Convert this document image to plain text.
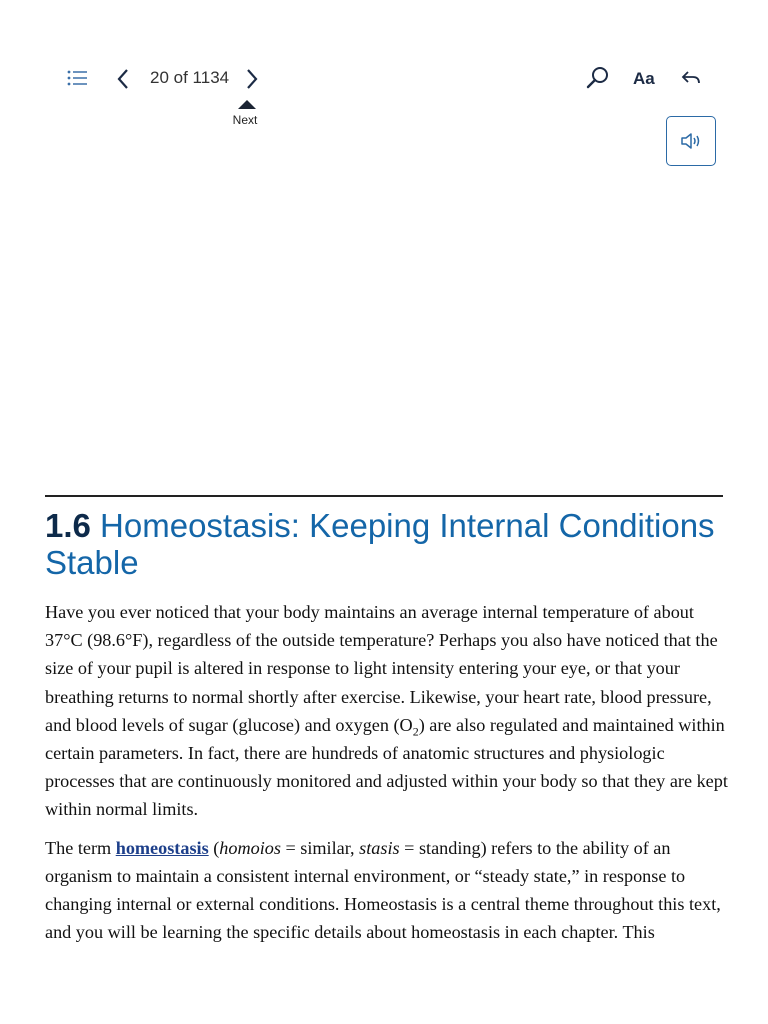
20 of 1134
Next
Aa
1.6 Homeostasis: Keeping Internal Conditions Stable

Have you ever noticed that your body maintains an average internal temperature of about 37°C (98.6°F), regardless of the outside temperature? Perhaps you also have noticed that the size of your pupil is altered in response to light intensity entering your eye, or that your breathing returns to normal shortly after exercise. Likewise, your heart rate, blood pressure, and blood levels of sugar (glucose) and oxygen $(O_2)$ are also regulated and maintained within certain parameters. In fact, there are hundreds of anatomic structures and physiologic processes that are continuously monitored and adjusted within your body so that they are kept within normal limits.

The term homeostasis (homoios = similar, stasis = standing) refers to the ability of an organism to maintain a consistent internal environment, or “steady state,” in response to changing internal or external conditions. Homeostasis is a central theme throughout this text, and you will be learning the specific details about homeostasis in each chapter. This
